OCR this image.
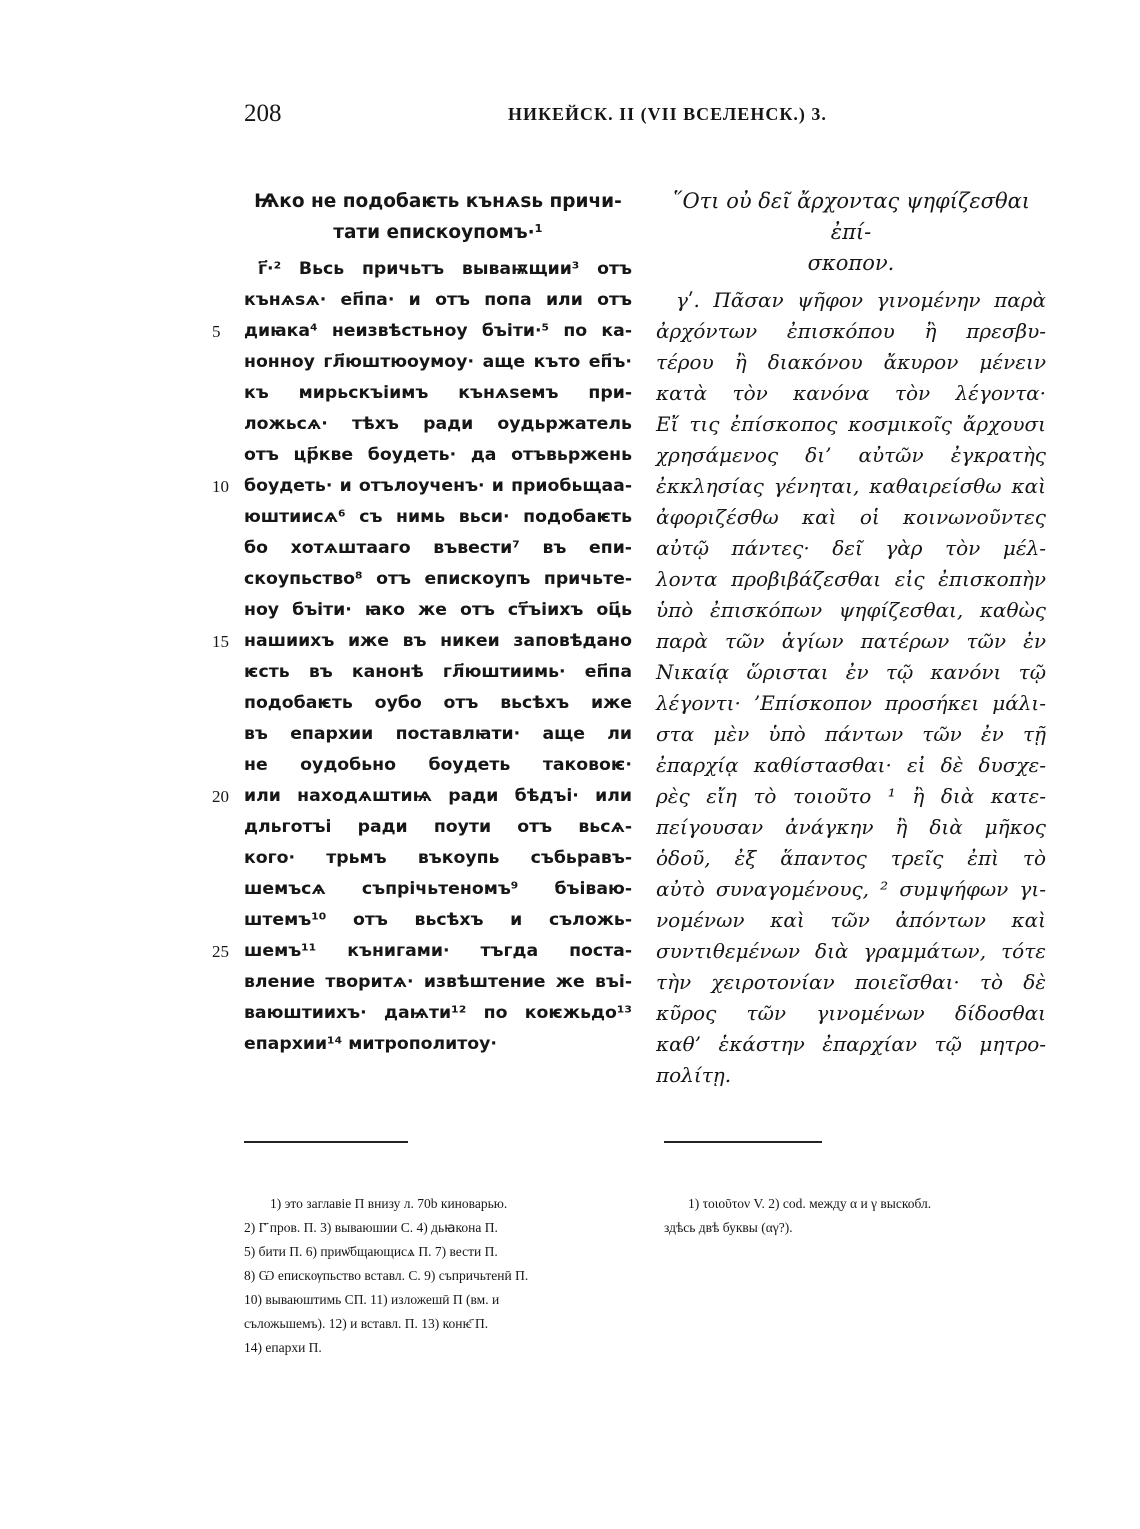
208	НИКЕЙСК. II (VII ВСЕЛЕНСК.) 3.
Ѩко не подобаѥть кънѧѕь причи-
тати епискоупомъ·¹
г҃·² Вьсь причьтъ вываѭщии³ отъ
кънѧѕѧ· еп҃па· и отъ попа или отъ
5 диꙗка⁴ неизвѣстьноу бъіти·⁵ по ка-
нонноу гл҃юштюоумоу· аще къто еп҃ъ·
къ мирьскъіимъ кънѧѕемъ при-
ложьсѧ· тѣхъ ради оудьржатель
отъ цр҃кве боудеть· да отъвьржень
10 боудеть· и отълоученъ· и приобьщаа-
юштиисѧ⁶ съ нимь вьси· подобаѥть
бо хотѧштааго въвести⁷ въ епи-
скоупьство⁸ отъ епискоупъ причьте-
ноу бъіти· ꙗко же отъ ст҃ъіихъ оц҃ь
15 нашиихъ иже въ никеи заповѣдано
ѥсть въ канонѣ гл҃юштиимь· еп҃па
подобаѥть оубо отъ вьсѣхъ иже
въ епархии поставлꙗти· аще ли
не оудобьно боудеть таковоѥ·
20 или находѧштиѩ ради бѣдъі· или
дльготъі ради поути отъ вьсѧ-
кого· трьмъ въкоупь събьравъ-
шемъсѧ съпрічьтеномъ⁹ бъіваю-
штемъ¹⁰ отъ вьсѣхъ и съложь-
25 шемъ¹¹ кънигами· тъгда поста-
вление творитѧ· извѣштение же въі-
ваюштиихъ· даѩти¹² по коѥжьдо¹³
епархии¹⁴ митрополитоу·
῞Οτι οὐ δεῖ ἄρχοντας ψηφίζεσθαι ἐπί-
σκοπον.
γʹ. Πᾶσαν ψῆφον γινομένην παρὰ
ἀρχόντων ἐπισκόπου ἢ πρεσβυ-
τέρου ἢ διακόνου ἄκυρον μένειν
κατὰ τὸν κανόνα τὸν λέγοντα·
Εἴ τις ἐπίσκοπος κοσμικοῖς ἄρχουσι
χρησάμενος δι’ αὐτῶν ἐγκρατὴς
ἐκκλησίας γένηται, καθαιρείσθω καὶ
ἀφοριζέσθω καὶ οἱ κοινωνοῦντες
αὐτῷ πάντες· δεῖ γὰρ τὸν μέλ-
λοντα προβιβάζεσθαι εἰς ἐπισκοπὴν
ὑπὸ ἐπισκόπων ψηφίζεσθαι, καθὼς
παρὰ τῶν ἁγίων πατέρων τῶν ἐν
Νικαίᾳ ὥρισται ἐν τῷ κανόνι τῷ
λέγοντι· ’Επίσκοπον προσήκει μάλι-
στα μὲν ὑπὸ πάντων τῶν ἐν τῇ
ἐπαρχίᾳ καθίστασθαι· εἰ δὲ δυσχε-
ρὲς εἴη τὸ τοιοῦτο ¹ ἢ διὰ κατε-
πείγουσαν ἀνάγκην ἢ διὰ μῆκος
ὁδοῦ, ἐξ ἅπαντος τρεῖς ἐπὶ τὸ
αὐτὸ συναγομένους, ² συμψήφων γι-
νομένων καὶ τῶν ἀπόντων καὶ
συντιθεμένων διὰ γραμμάτων, τότε
τὴν χειροτονίαν ποιεῖσθαι· τὸ δὲ
κῦρος τῶν γινομένων δίδοσθαι
καθ’ ἑκάστην ἐπαρχίαν τῷ μητρο-
πολίτῃ.
1) это заглавіе П внизу л. 70b киноварью.
2) Г҃ пров. П. 3) вываюшии С. 4) дьꙗкона П.
5) бити П. 6) приѡ҃бщающисѧ П. 7) вести П.
8) Ѡ епискѹпьство вставл. С. 9) съпричьтенӣ П.
10) вываюштимь СП. 11) изложешӣ П (вм. и
съложьшемъ). 12) и вставл. П. 13) конѥ҃ П.
14) епархи П.
1) τοιοῦτον V. 2) cod. между α и γ выскобл.
здѣсь двѣ буквы (αγ?).
